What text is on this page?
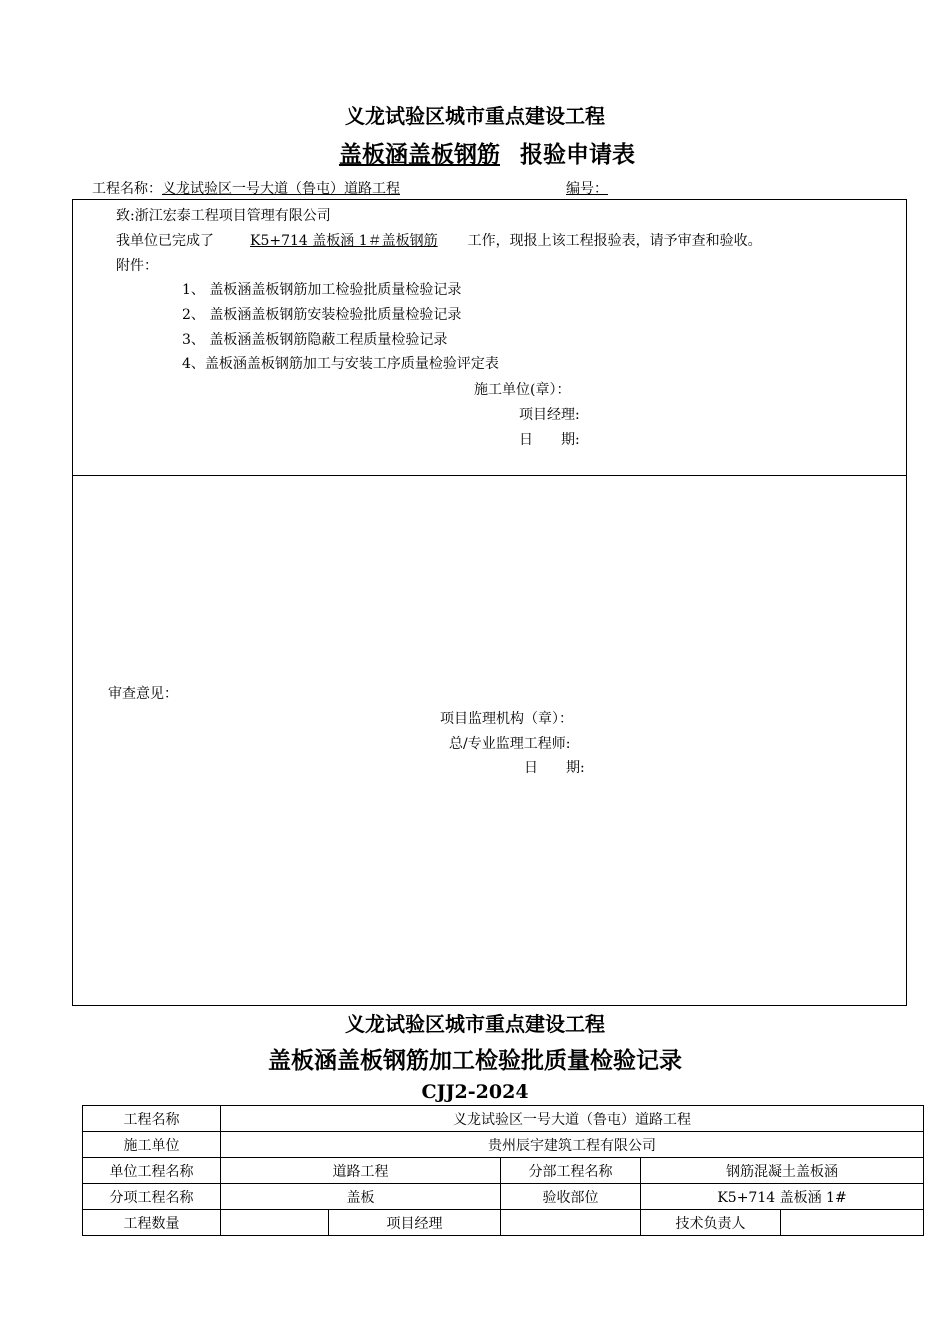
义龙试验区城市重点建设工程
盖板涵盖板钢筋 报验申请表
工程名称：义龙试验区一号大道（鲁屯）道路工程	编号：
致:浙江宏泰工程项目管理有限公司
我单位已完成了	K5+714 盖板涵 1＃盖板钢筋 工作，现报上该工程报验表，请予审查和验收。
附件：
1、 盖板涵盖板钢筋加工检验批质量检验记录
2、 盖板涵盖板钢筋安装检验批质量检验记录
3、 盖板涵盖板钢筋隐蔽工程质量检验记录
4、盖板涵盖板钢筋加工与安装工序质量检验评定表
施工单位(章）：
项目经理:
日　　期:
审查意见：
项目监理机构（章）：
总/专业监理工程师:
日　　期:
义龙试验区城市重点建设工程
盖板涵盖板钢筋加工检验批质量检验记录
CJJ2-2024
工程名称	义龙试验区一号大道（鲁屯）道路工程				
施工单位	贵州辰宇建筑工程有限公司				
单位工程名称	道路工程		分部工程名称	钢筋混凝土盖板涵	
分项工程名称	盖板		验收部位	K5+714 盖板涵 1#	
工程数量		项目经理		技术负责人	
